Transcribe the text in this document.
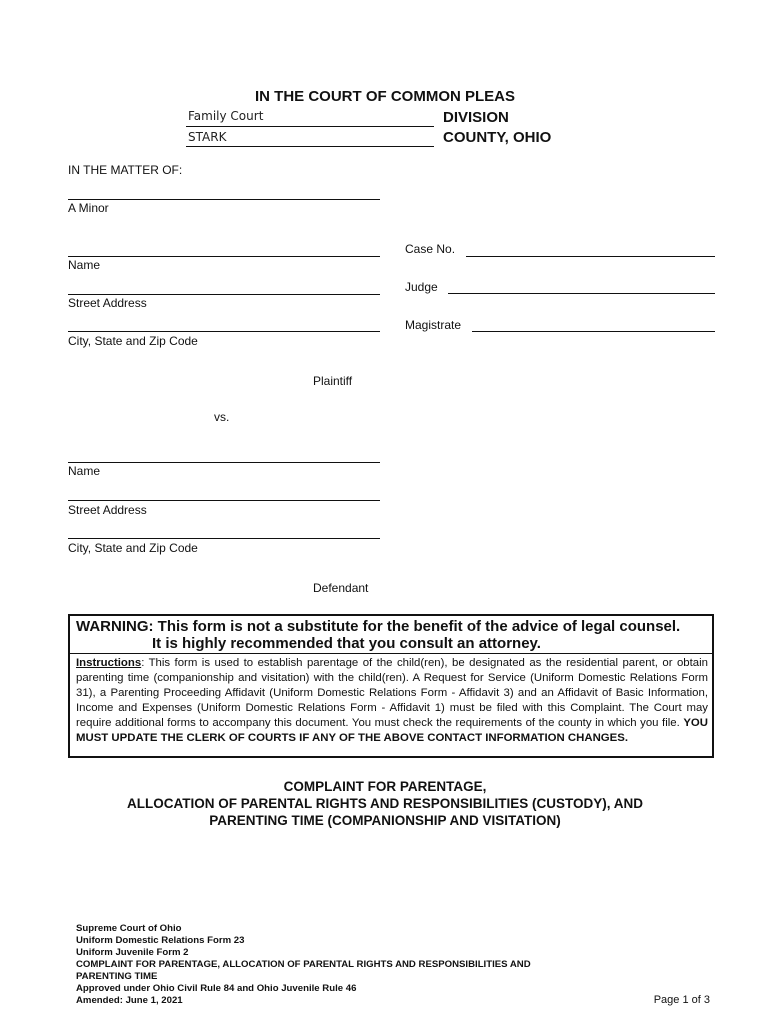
IN THE COURT OF COMMON PLEAS
Family Court	DIVISION
STARK	COUNTY, OHIO
IN THE MATTER OF:
A Minor
Name
Street Address
City, State and Zip Code
Plaintiff
Case No.
Judge
Magistrate
vs.
Name
Street Address
City, State and Zip Code
Defendant
WARNING: This form is not a substitute for the benefit of the advice of legal counsel.
It is highly recommended that you consult an attorney.
Instructions: This form is used to establish parentage of the child(ren), be designated as the residential parent, or obtain parenting time (companionship and visitation) with the child(ren). A Request for Service (Uniform Domestic Relations Form 31), a Parenting Proceeding Affidavit (Uniform Domestic Relations Form - Affidavit 3) and an Affidavit of Basic Information, Income and Expenses (Uniform Domestic Relations Form - Affidavit 1) must be filed with this Complaint. The Court may require additional forms to accompany this document. You must check the requirements of the county in which you file. YOU MUST UPDATE THE CLERK OF COURTS IF ANY OF THE ABOVE CONTACT INFORMATION CHANGES.
COMPLAINT FOR PARENTAGE,
ALLOCATION OF PARENTAL RIGHTS AND RESPONSIBILITIES (CUSTODY), AND
PARENTING TIME (COMPANIONSHIP AND VISITATION)
Supreme Court of Ohio
Uniform Domestic Relations Form 23
Uniform Juvenile Form 2
COMPLAINT FOR PARENTAGE, ALLOCATION OF PARENTAL RIGHTS AND RESPONSIBILITIES AND
PARENTING TIME
Approved under Ohio Civil Rule 84 and Ohio Juvenile Rule 46
Amended: June 1, 2021	Page 1 of 3
